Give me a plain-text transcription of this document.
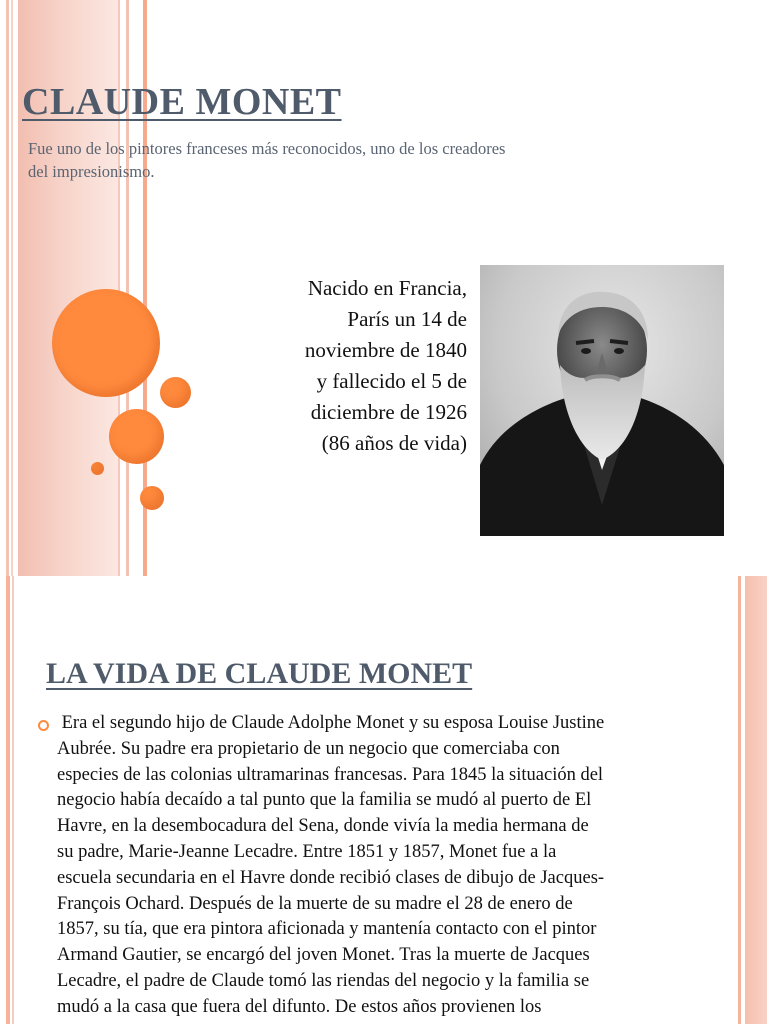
CLAUDE MONET

Fue uno de los pintores franceses más reconocidos, uno de los creadores del impresionismo.

Nacido en Francia,
París un 14 de
noviembre de 1840
y fallecido el 5 de
diciembre de 1926
(86 años de vida)
LA VIDA DE CLAUDE MONET
Era el segundo hijo de Claude Adolphe Monet y su esposa Louise Justine
Aubrée. Su padre era propietario de un negocio que comerciaba con
especies de las colonias ultramarinas francesas. Para 1845 la situación del
negocio había decaído a tal punto que la familia se mudó al puerto de El
Havre, en la desembocadura del Sena, donde vivía la media hermana de
su padre, Marie-Jeanne Lecadre. Entre 1851 y 1857, Monet fue a la
escuela secundaria en el Havre donde recibió clases de dibujo de Jacques-
François Ochard. Después de la muerte de su madre el 28 de enero de
1857, su tía, que era pintora aficionada y mantenía contacto con el pintor
Armand Gautier, se encargó del joven Monet. Tras la muerte de Jacques
Lecadre, el padre de Claude tomó las riendas del negocio y la familia se
mudó a la casa que fuera del difunto. De estos años provienen los
